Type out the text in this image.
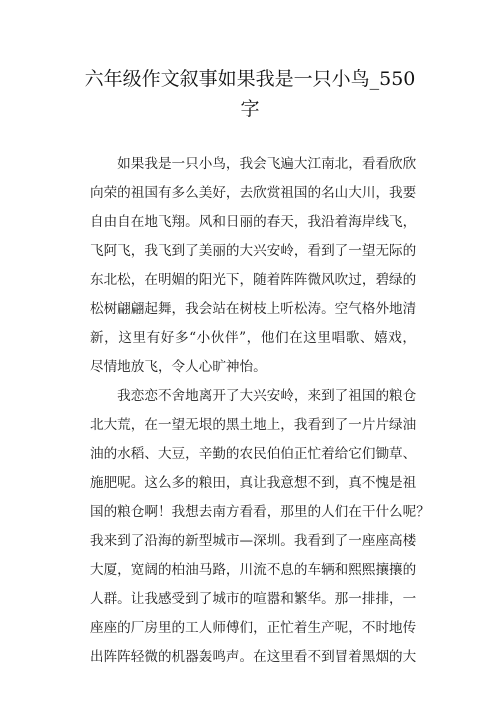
六年级作文叙事如果我是一只小鸟_550
字
　　如果我是一只小鸟，我会飞遍大江南北，看看欣欣
向荣的祖国有多么美好，去欣赏祖国的名山大川，我要
自由自在地飞翔。风和日丽的春天，我沿着海岸线飞，
飞阿飞，我飞到了美丽的大兴安岭，看到了一望无际的
东北松，在明媚的阳光下，随着阵阵微风吹过，碧绿的
松树翩翩起舞，我会站在树枝上听松涛。空气格外地清
新，这里有好多“小伙伴”，他们在这里唱歌、嬉戏，
尽情地放飞，令人心旷神怡。
　　我恋恋不舍地离开了大兴安岭，来到了祖国的粮仓
北大荒，在一望无垠的黑土地上，我看到了一片片绿油
油的水稻、大豆，辛勤的农民伯伯正忙着给它们锄草、
施肥呢。这么多的粮田，真让我意想不到，真不愧是祖
国的粮仓啊！我想去南方看看，那里的人们在干什么呢？
我来到了沿海的新型城市—深圳。我看到了一座座高楼
大厦，宽阔的柏油马路，川流不息的车辆和熙熙攘攘的
人群。让我感受到了城市的喧嚣和繁华。那一排排，一
座座的厂房里的工人师傅们，正忙着生产呢，不时地传
出阵阵轻微的机器轰鸣声。在这里看不到冒着黑烟的大
